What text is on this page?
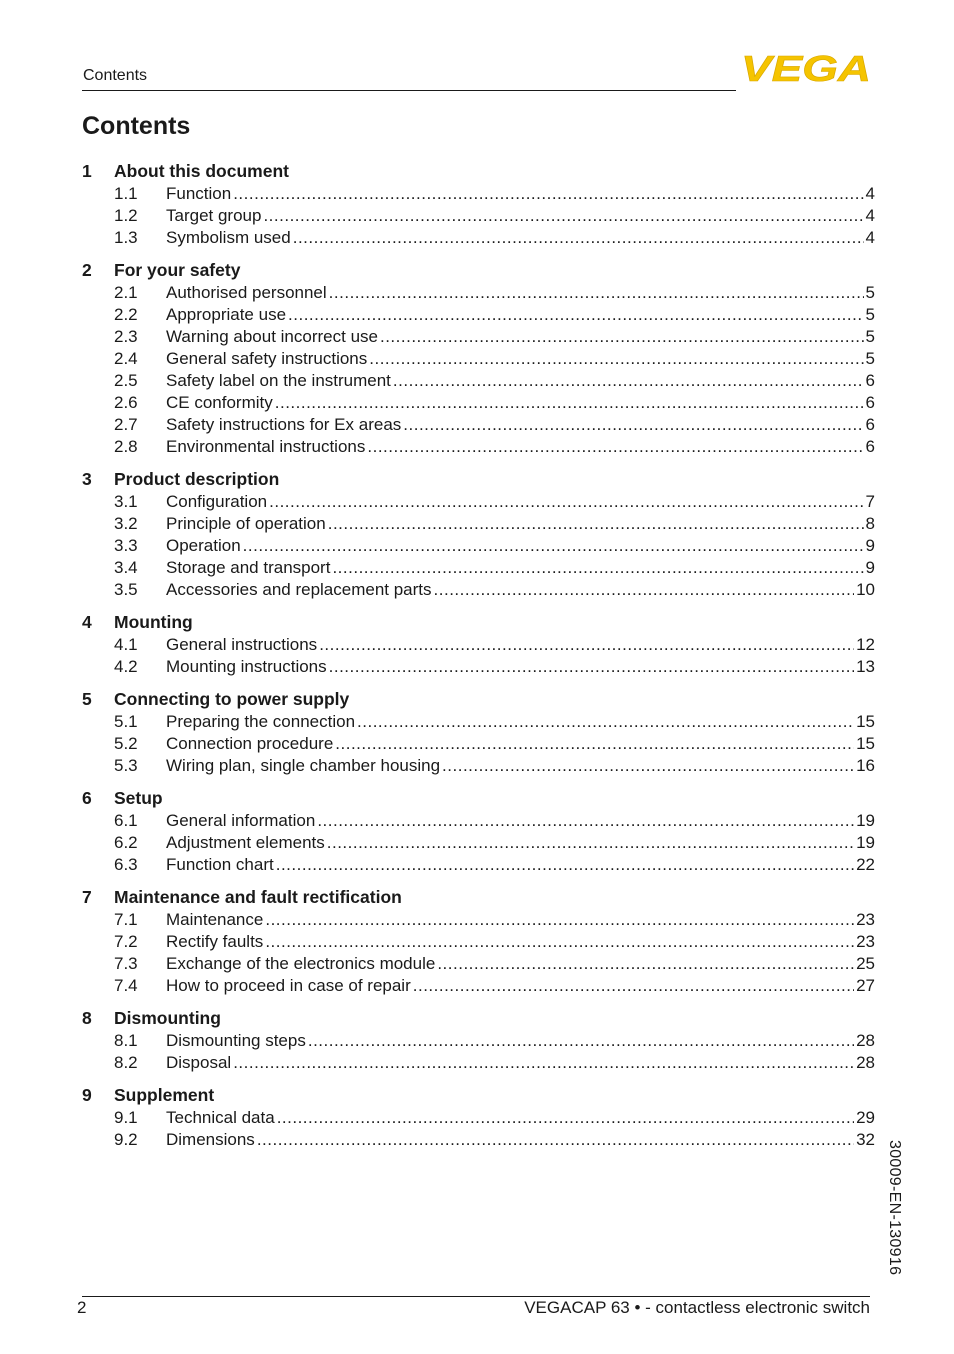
Contents	VEGA
Contents
1	About this document
1.1	Function .....	4
1.2	Target group .....	4
1.3	Symbolism used .....	4
2	For your safety
2.1	Authorised personnel .....	5
2.2	Appropriate use .....	5
2.3	Warning about incorrect use .....	5
2.4	General safety instructions .....	5
2.5	Safety label on the instrument .....	6
2.6	CE conformity .....	6
2.7	Safety instructions for Ex areas .....	6
2.8	Environmental instructions .....	6
3	Product description
3.1	Configuration .....	7
3.2	Principle of operation .....	8
3.3	Operation .....	9
3.4	Storage and transport .....	9
3.5	Accessories and replacement parts .....	10
4	Mounting
4.1	General instructions .....	12
4.2	Mounting instructions .....	13
5	Connecting to power supply
5.1	Preparing the connection .....	15
5.2	Connection procedure .....	15
5.3	Wiring plan, single chamber housing .....	16
6	Setup
6.1	General information .....	19
6.2	Adjustment elements .....	19
6.3	Function chart .....	22
7	Maintenance and fault rectification
7.1	Maintenance .....	23
7.2	Rectify faults .....	23
7.3	Exchange of the electronics module .....	25
7.4	How to proceed in case of repair .....	27
8	Dismounting
8.1	Dismounting steps .....	28
8.2	Disposal .....	28
9	Supplement
9.1	Technical data .....	29
9.2	Dimensions .....	32
30009-EN-130916
2	VEGACAP 63 • - contactless electronic switch
